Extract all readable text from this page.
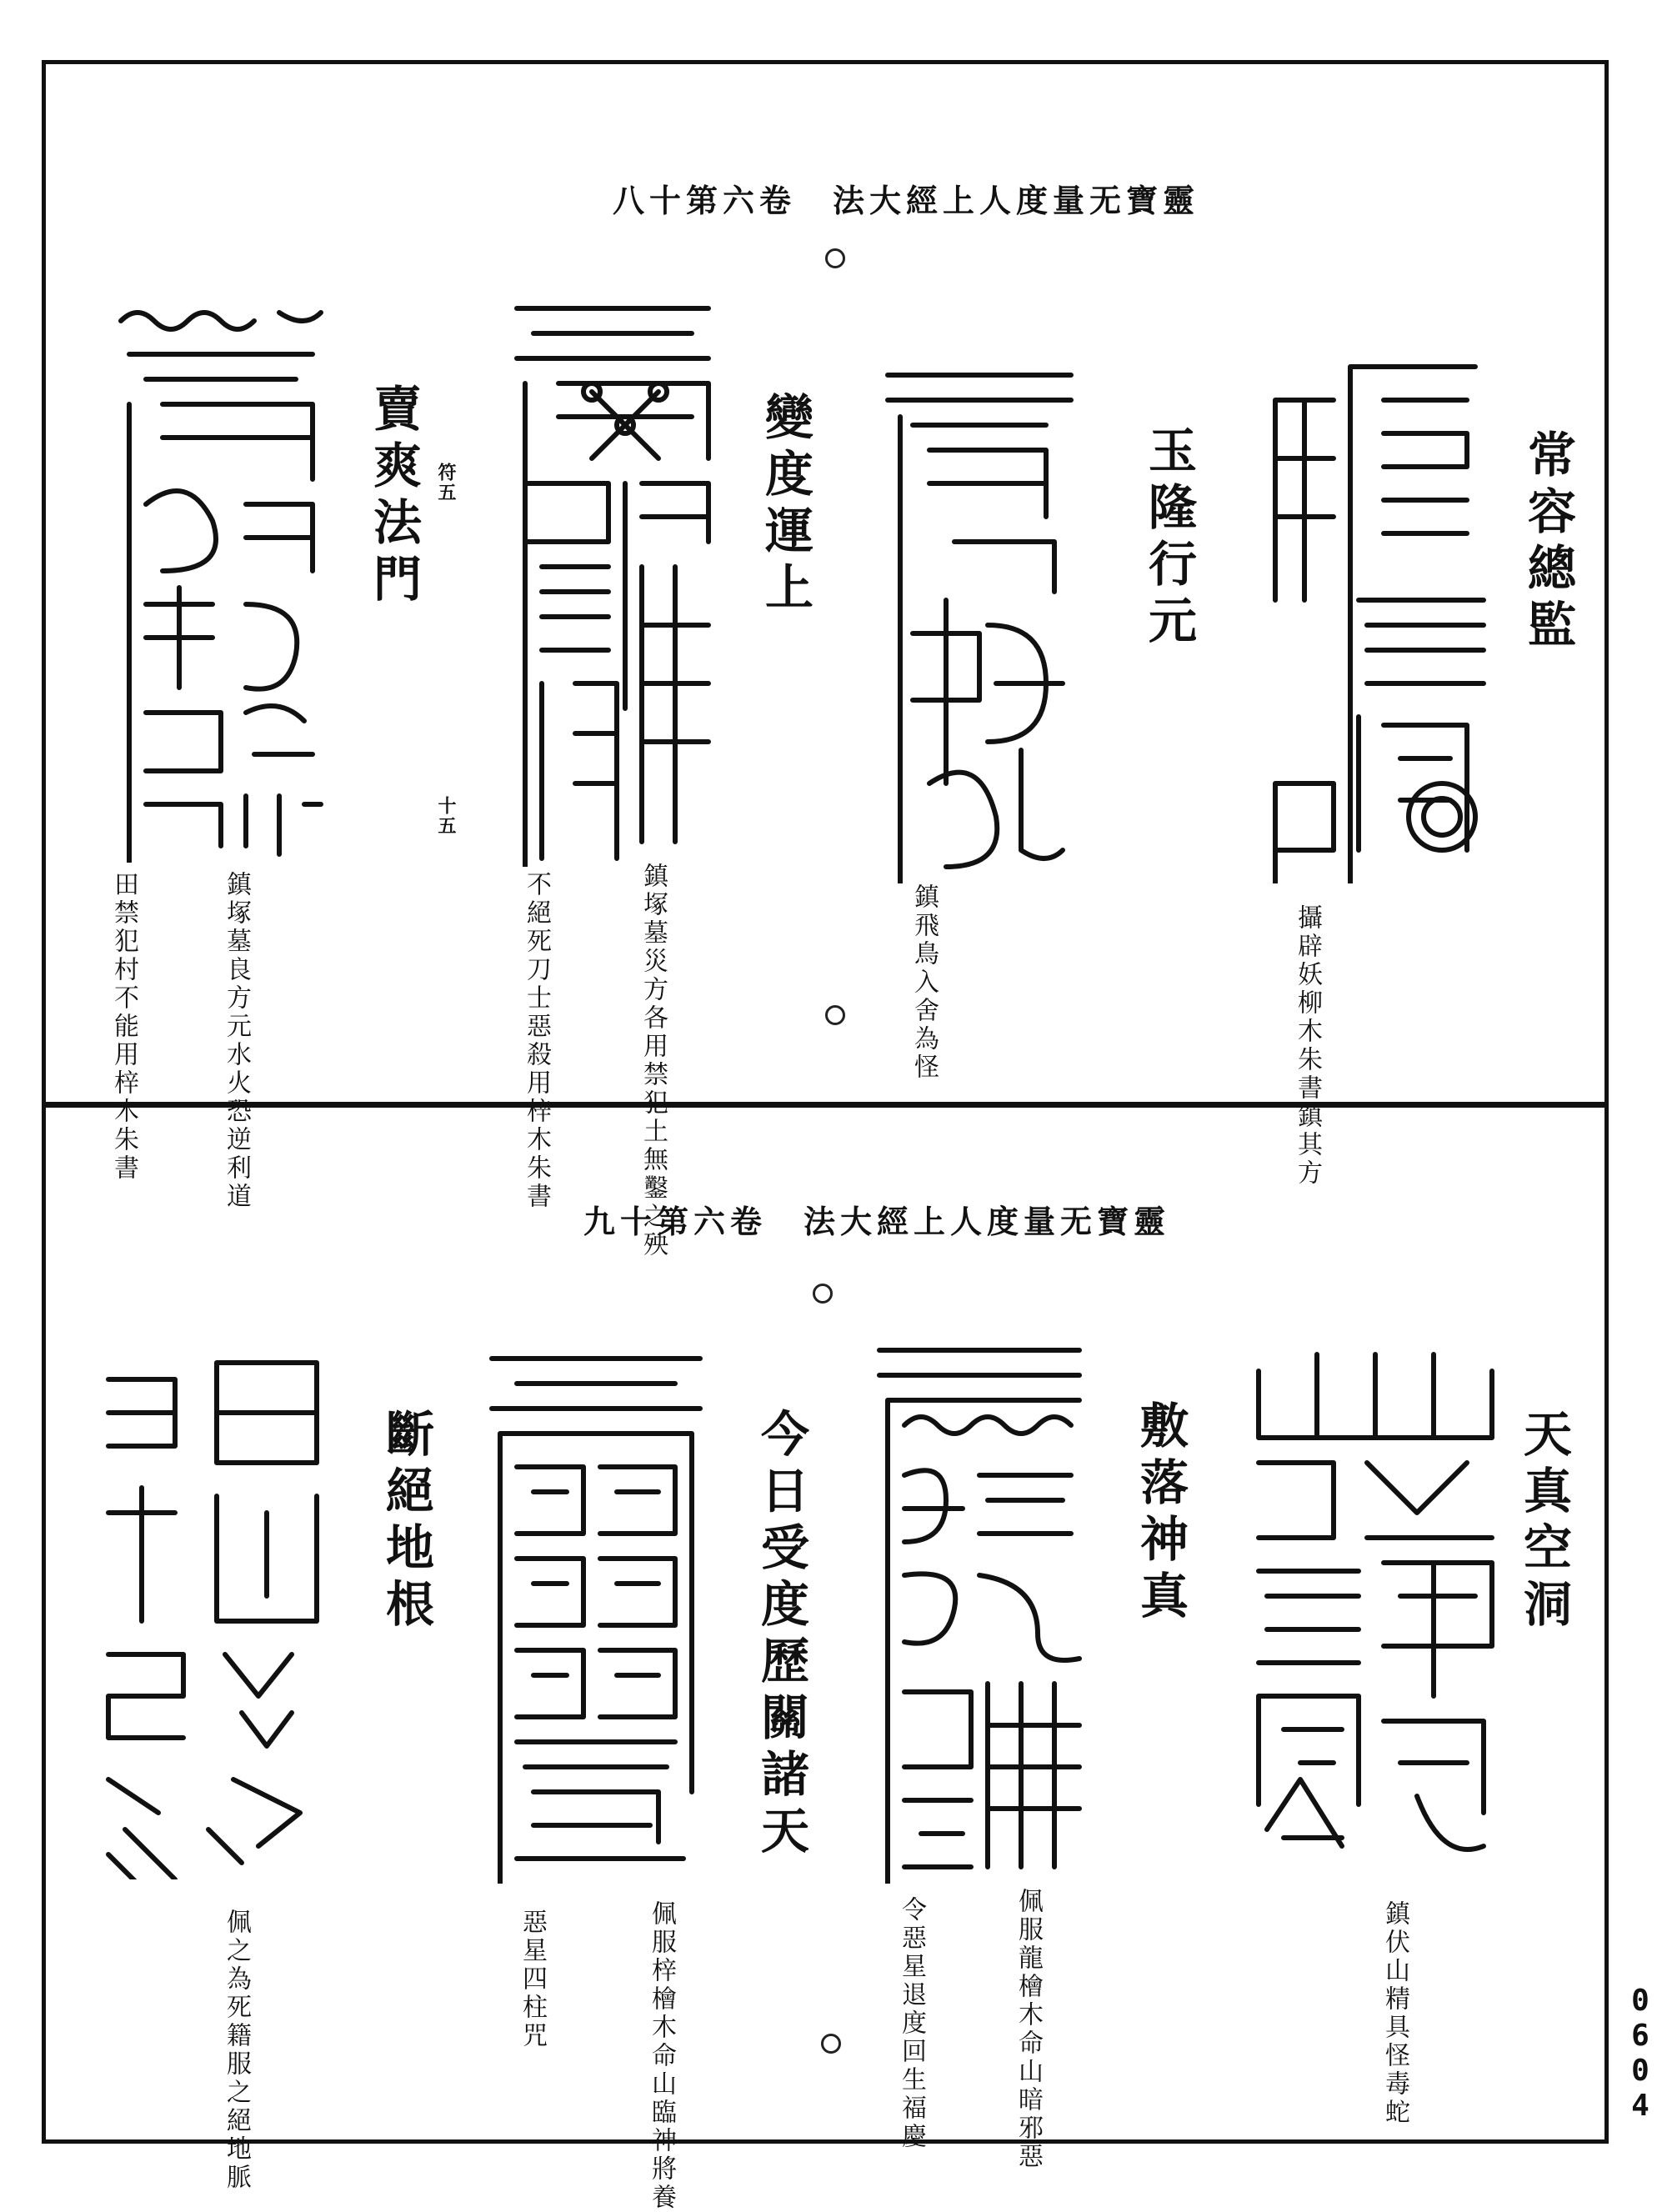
八十第六卷　法大經上人度量无寶靈
常容總監
攝辟妖柳木朱書鎮其方
玉隆行元
鎮飛鳥入舍為怪
變度運上
鎮塚墓災方各用禁犯土無鑿之殃
不絕死刀士惡殺用梓木朱書
賣爽法門 符五
十五
鎮塚墓良方元水火恐逆利道
田禁犯村不能用梓木朱書
九十第六卷　法大經上人度量无寶靈
天真空洞
鎮伏山精具怪毒蛇
敷落神真
佩服龍檜木命山暗邪惡
令惡星退度回生福慶
今日受度歷關諸天
佩服梓檜木命山臨神將養
惡星四柱咒
斷絕地根
佩之為死籍服之絕地脈	0604
